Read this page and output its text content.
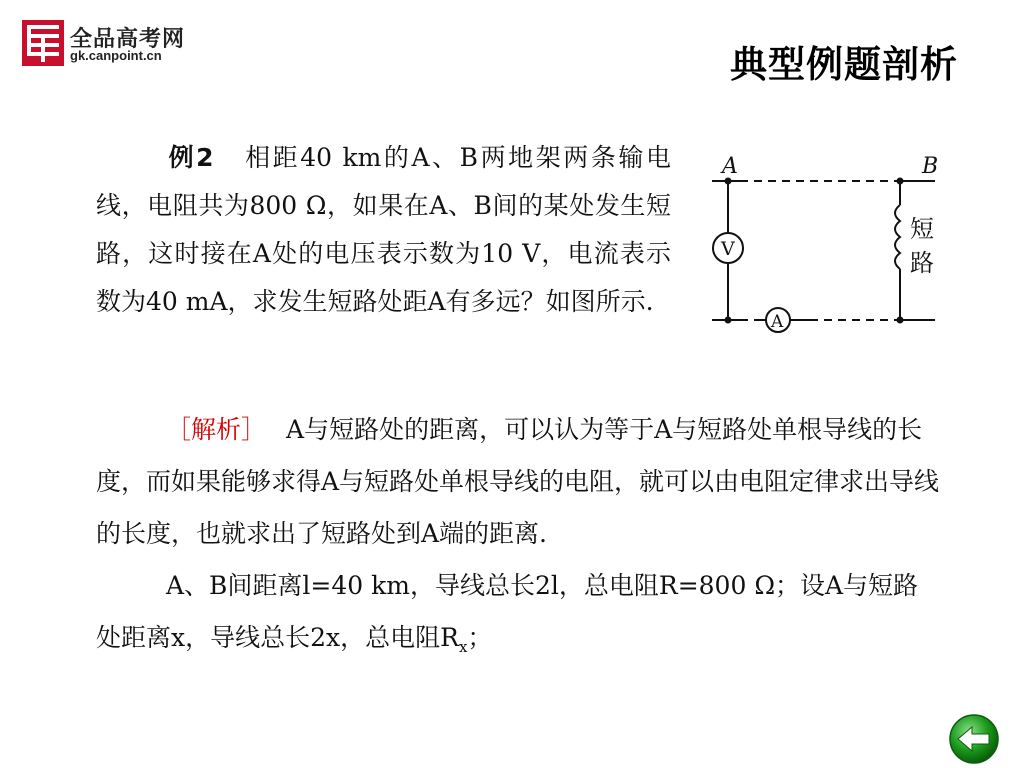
全品高考网
gk.canpoint.cn	典型例题剖析
例2 相距40 km的A、B两地架两条输电线，电阻共为800 Ω，如果在A、B间的某处发生短路，这时接在A处的电压表示数为10 V，电流表示数为40 mA，求发生短路处距A有多远？如图所示.
A	B
V
A
短
路

［解析］ A与短路处的距离，可以认为等于A与短路处单根导线的长度，而如果能够求得A与短路处单根导线的电阻，就可以由电阻定律求出导线的长度，也就求出了短路处到A端的距离.

A、B间距离l=40 km，导线总长2l，总电阻R=800 Ω；设A与短路处距离x，导线总长2x，总电阻$R_x$；
